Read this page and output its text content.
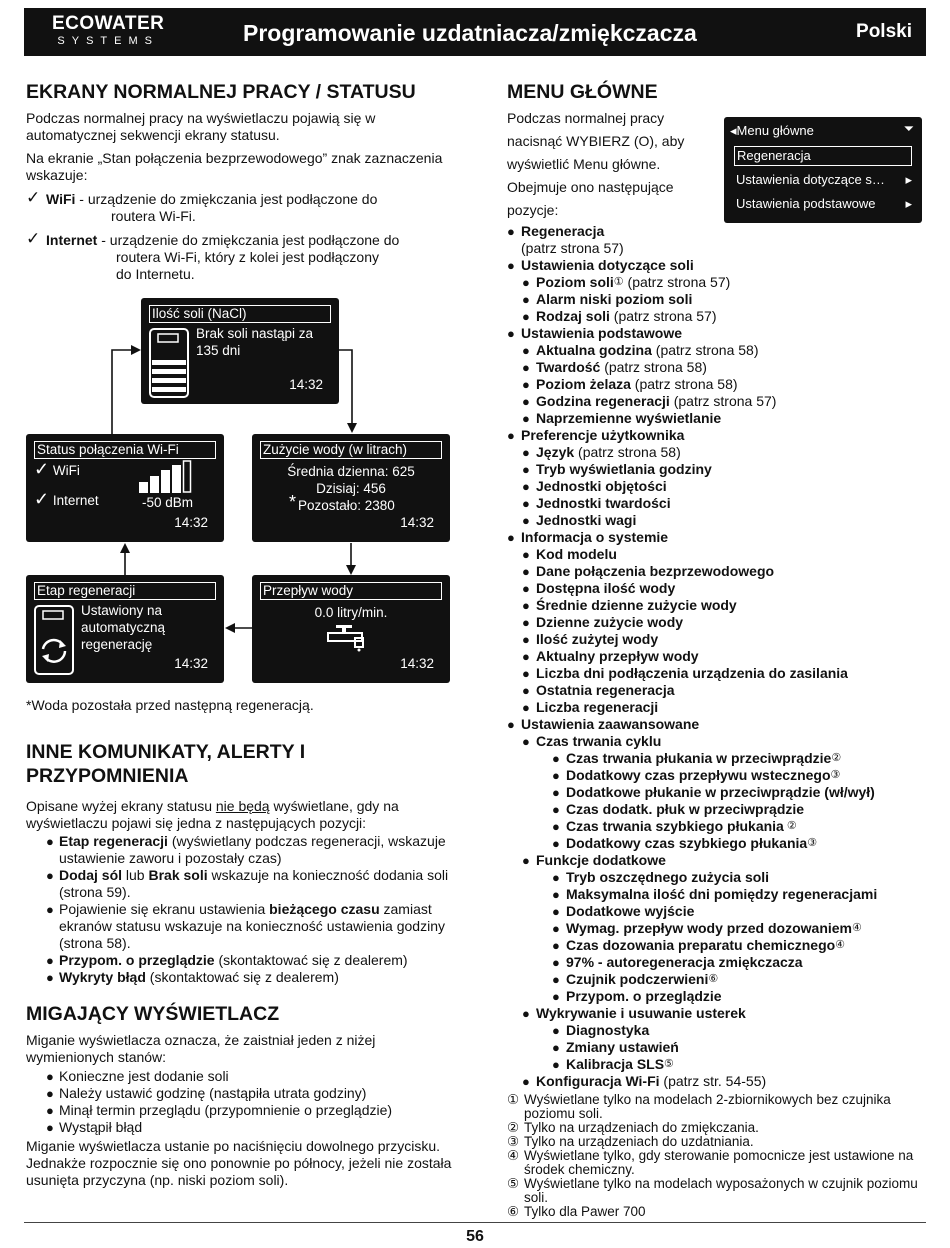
ECOWATER
SYSTEMS	Programowanie uzdatniacza/zmiękczacza	Polski
EKRANY NORMALNEJ PRACY / STATUSU

Podczas normalnej pracy na wyświetlaczu pojawią się w automatycznej sekwencji ekrany statusu.

Na ekranie „Stan połączenia bezprzewodowego” znak zaznaczenia wskazuje:

✓ WiFi - urządzenie do zmiękczania jest podłączone do
routera Wi-Fi.
✓ Internet - urządzenie do zmiękczania jest podłączone do
routera Wi-Fi, który z kolei jest podłączony
do Internetu.
Ilość soli (NaCl)
Brak soli nastąpi za
135 dni
14:32
Status połączenia Wi-Fi
✓ WiFi
✓ Internet	-50 dBm
14:32
Zużycie wody (w litrach)
Średnia dzienna: 625
Dzisiaj: 456
* Pozostało: 2380
14:32
Etap regeneracji
Ustawiony na
automatyczną
regenerację
14:32
Przepływ wody
0.0 litry/min.
14:32
*Woda pozostała przed następną regeneracją.
INNE KOMUNIKATY, ALERTY I
PRZYPOMNIENIA

Opisane wyżej ekrany statusu nie będą wyświetlane, gdy na wyświetlaczu pojawi się jedna z następujących pozycji:

● Etap regeneracji (wyświetlany podczas regeneracji, wskazuje ustawienie zaworu i pozostały czas)
● Dodaj sól lub Brak soli wskazuje na konieczność dodania soli (strona 59).
● Pojawienie się ekranu ustawienia bieżącego czasu zamiast ekranów statusu wskazuje na konieczność ustawienia godziny (strona 58).
● Przypom. o przeglądzie (skontaktować się z dealerem)
● Wykryty błąd (skontaktować się z dealerem)
MIGAJĄCY WYŚWIETLACZ

Miganie wyświetlacza oznacza, że zaistniał jeden z niżej wymienionych stanów:

● Konieczne jest dodanie soli
● Należy ustawić godzinę (nastąpiła utrata godziny)
● Minął termin przeglądu (przypomnienie o przeglądzie)
● Wystąpił błąd

Miganie wyświetlacza ustanie po naciśnięciu dowolnego przycisku. Jednakże rozpocznie się ono ponownie po północy, jeżeli nie została usunięta przyczyna (np. niski poziom soli).

MENU GŁÓWNE
Podczas normalnej pracy
nacisnąć WYBIERZ (O), aby
wyświetlić Menu główne.
Obejmuje ono następujące
pozycje:
● Regeneracja
(patrz strona 57)
● Ustawienia dotyczące soli
● Poziom soli① (patrz strona 57)
● Alarm niski poziom soli
● Rodzaj soli (patrz strona 57)
● Ustawienia podstawowe
● Aktualna godzina (patrz strona 58)
● Twardość (patrz strona 58)
● Poziom żelaza (patrz strona 58)
● Godzina regeneracji (patrz strona 57)
● Naprzemienne wyświetlanie
● Preferencje użytkownika
● Język (patrz strona 58)
● Tryb wyświetlania godziny
● Jednostki objętości
● Jednostki twardości
● Jednostki wagi
● Informacja o systemie
● Kod modelu
● Dane połączenia bezprzewodowego
● Dostępna ilość wody
● Średnie dzienne zużycie wody
● Dzienne zużycie wody
● Ilość zużytej wody
● Aktualny przepływ wody
● Liczba dni podłączenia urządzenia do zasilania
● Ostatnia regeneracja
● Liczba regeneracji
● Ustawienia zaawansowane
● Czas trwania cyklu
● Czas trwania płukania w przeciwprądzie②
● Dodatkowy czas przepływu wstecznego③
● Dodatkowe płukanie w przeciwprądzie (wł/wył)
● Czas dodatk. płuk w przeciwprądzie
● Czas trwania szybkiego płukania ②
● Dodatkowy czas szybkiego płukania③
● Funkcje dodatkowe
● Tryb oszczędnego zużycia soli
● Maksymalna ilość dni pomiędzy regeneracjami
● Dodatkowe wyjście
● Wymag. przepływ wody przed dozowaniem④
● Czas dozowania preparatu chemicznego④
● 97% - autoregeneracja zmiękczacza
● Czujnik podczerwieni⑥
● Przypom. o przeglądzie
● Wykrywanie i usuwanie usterek
● Diagnostyka
● Zmiany ustawień
● Kalibracja SLS⑤
● Konfiguracja Wi-Fi (patrz str. 54-55)
① Wyświetlane tylko na modelach 2-zbiornikowych bez czujnika poziomu soli.
② Tylko na urządzeniach do zmiękczania.
③ Tylko na urządzeniach do uzdatniania.
④ Wyświetlane tylko, gdy sterowanie pomocnicze jest ustawione na środek chemiczny.
⑤ Wyświetlane tylko na modelach wyposażonych w czujnik poziomu soli.
⑥ Tylko dla Pawer 700
◂Menu główne	⏷
Regeneracja
Ustawienia dotyczące s… ▸
Ustawienia podstawowe ▸
56
